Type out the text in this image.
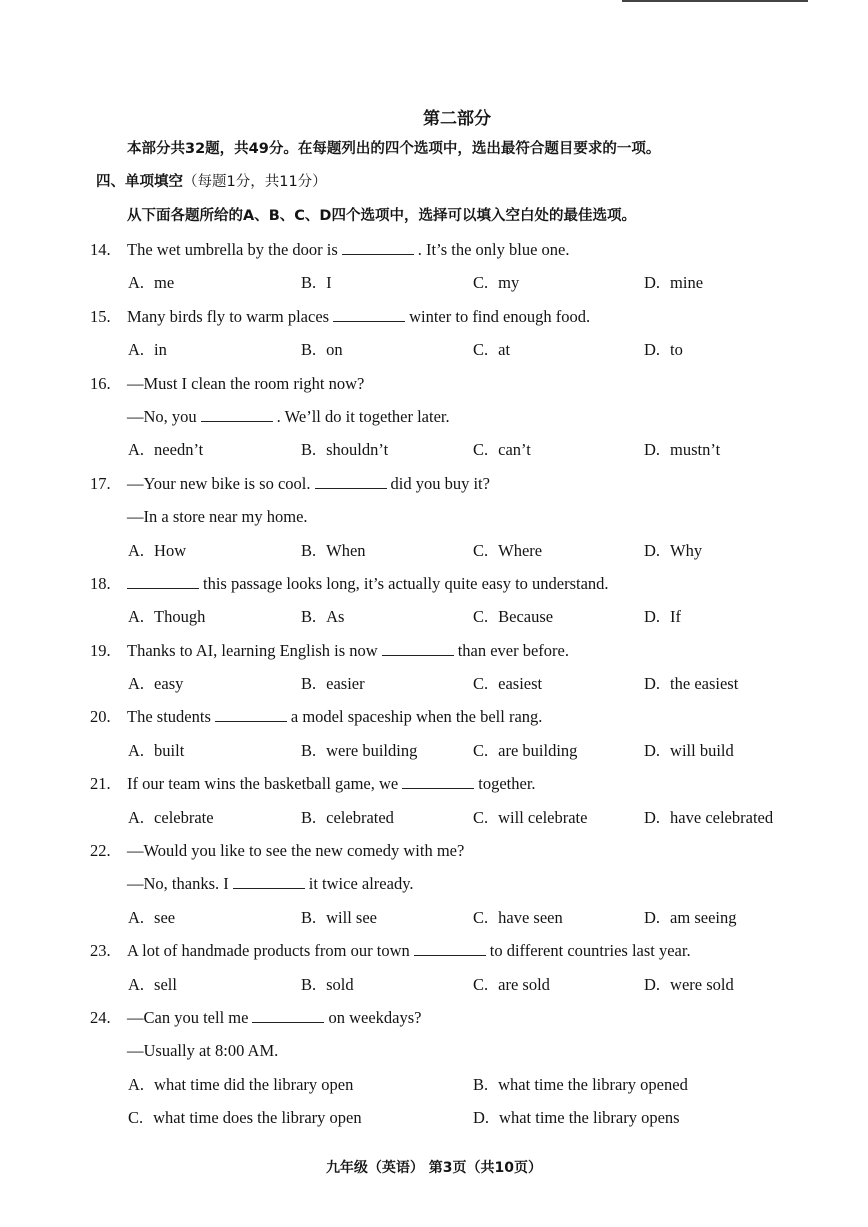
第二部分
本部分共32题，共49分。在每题列出的四个选项中，选出最符合题目要求的一项。
四、单项填空（每题1分，共11分）
从下面各题所给的A、B、C、D四个选项中，选择可以填入空白处的最佳选项。
14. The wet umbrella by the door is	. It’s the only blue one.
A. me	B. I	C. my	D. mine
15. Many birds fly to warm places	winter to find enough food.
A. in	B. on	C. at	D. to
16. —Must I clean the room right now?
—No, you	. We’ll do it together later.
A. needn’t	B. shouldn’t	C. can’t	D. mustn’t
17. —Your new bike is so cool.	did you buy it?
—In a store near my home.
A. How	B. When	C. Where	D. Why
18.	this passage looks long, it’s actually quite easy to understand.
A. Though	B. As	C. Because	D. If
19. Thanks to AI, learning English is now	than ever before.
A. easy	B. easier	C. easiest	D. the easiest
20. The students	a model spaceship when the bell rang.
A. built	B. were building	C. are building	D. will build
21. If our team wins the basketball game, we	together.
A. celebrate	B. celebrated	C. will celebrate	D. have celebrated
22. —Would you like to see the new comedy with me?
—No, thanks. I	it twice already.
A. see	B. will see	C. have seen	D. am seeing
23. A lot of handmade products from our town	to different countries last year.
A. sell	B. sold	C. are sold	D. were sold
24. —Can you tell me	on weekdays?
—Usually at 8:00 AM.
A. what time did the library open	B. what time the library opened
C. what time does the library open	D. what time the library opens
九年级（英语） 第3页（共10页）
